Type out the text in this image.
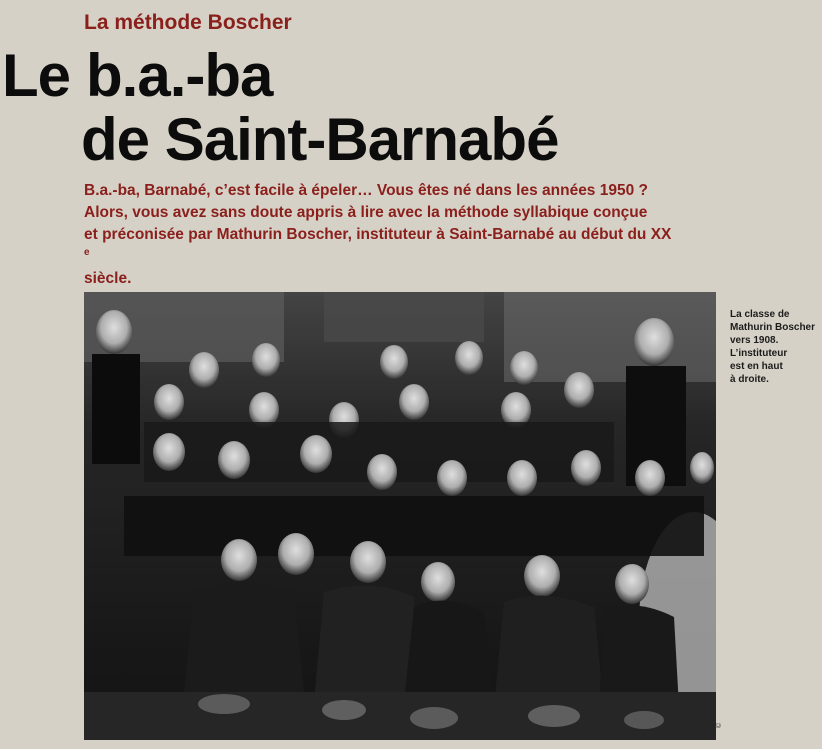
La méthode Boscher
Le b.a.-ba
de Saint-Barnabé
B.a.-ba, Barnabé, c’est facile à épeler… Vous êtes né dans les années 1950 ?
Alors, vous avez sans doute appris à lire avec la méthode syllabique conçue
et préconisée par Mathurin Boscher, instituteur à Saint-Barnabé au début du XX
$^e$
siècle.
La classe de
Mathurin Boscher
vers 1908.
L’instituteur
est en haut
à droite.
©
